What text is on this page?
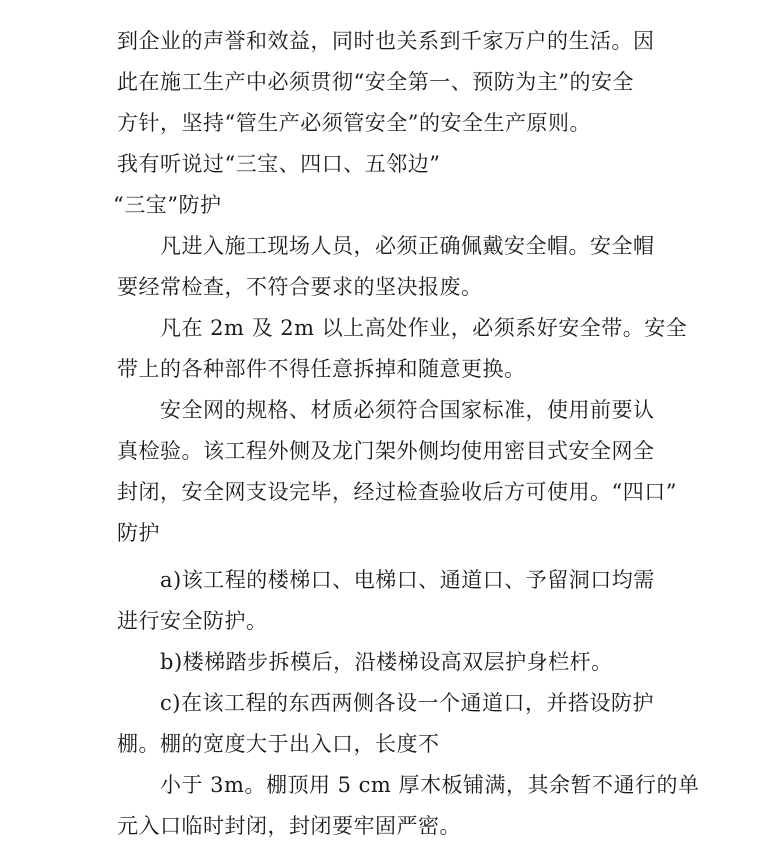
到企业的声誉和效益，同时也关系到千家万户的生活。因
此在施工生产中必须贯彻“安全第一、预防为主”的安全
方针，坚持“管生产必须管安全”的安全生产原则。
我有听说过“三宝、四口、五邻边”
“三宝”防护
凡进入施工现场人员，必须正确佩戴安全帽。安全帽
要经常检查，不符合要求的坚决报废。
凡在 2m 及 2m 以上高处作业，必须系好安全带。安全
带上的各种部件不得任意拆掉和随意更换。
安全网的规格、材质必须符合国家标准，使用前要认
真检验。该工程外侧及龙门架外侧均使用密目式安全网全
封闭，安全网支设完毕，经过检查验收后方可使用。“四口”
防护
a)该工程的楼梯口、电梯口、通道口、予留洞口均需
进行安全防护。
b)楼梯踏步拆模后，沿楼梯设高双层护身栏杆。
c)在该工程的东西两侧各设一个通道口，并搭设防护
棚。棚的宽度大于出入口，长度不
小于 3m。棚顶用 5 cm 厚木板铺满，其余暂不通行的单
元入口临时封闭，封闭要牢固严密。
